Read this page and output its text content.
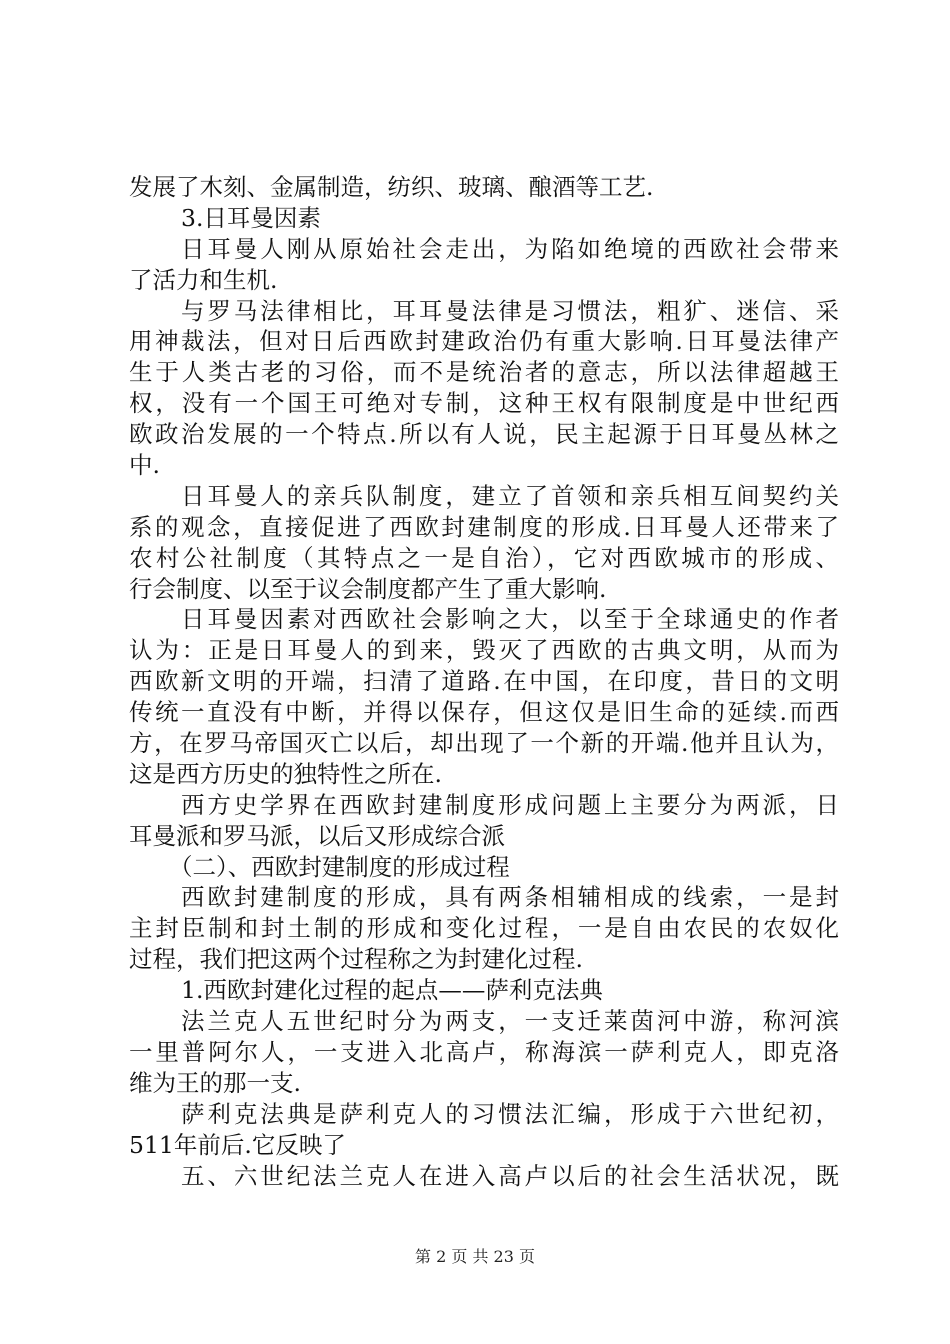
发展了木刻、金属制造，纺织、玻璃、酿酒等工艺.
3.日耳曼因素
日耳曼人刚从原始社会走出，为陷如绝境的西欧社会带来
了活力和生机.
与罗马法律相比，耳耳曼法律是习惯法，粗犷、迷信、采
用神裁法，但对日后西欧封建政治仍有重大影响.日耳曼法律产
生于人类古老的习俗，而不是统治者的意志，所以法律超越王
权，没有一个国王可绝对专制，这种王权有限制度是中世纪西
欧政治发展的一个特点.所以有人说，民主起源于日耳曼丛林之
中.
日耳曼人的亲兵队制度，建立了首领和亲兵相互间契约关
系的观念，直接促进了西欧封建制度的形成.日耳曼人还带来了
农村公社制度（其特点之一是自治），它对西欧城市的形成、
行会制度、以至于议会制度都产生了重大影响.
日耳曼因素对西欧社会影响之大，以至于全球通史的作者
认为：正是日耳曼人的到来，毁灭了西欧的古典文明，从而为
西欧新文明的开端，扫清了道路.在中国，在印度，昔日的文明
传统一直没有中断，并得以保存，但这仅是旧生命的延续.而西
方，在罗马帝国灭亡以后，却出现了一个新的开端.他并且认为，
这是西方历史的独特性之所在.
西方史学界在西欧封建制度形成问题上主要分为两派，日
耳曼派和罗马派，以后又形成综合派
（二）、西欧封建制度的形成过程
西欧封建制度的形成，具有两条相辅相成的线索，一是封
主封臣制和封土制的形成和变化过程，一是自由农民的农奴化
过程，我们把这两个过程称之为封建化过程.
1.西欧封建化过程的起点——萨利克法典
法兰克人五世纪时分为两支，一支迁莱茵河中游，称河滨
一里普阿尔人，一支进入北高卢，称海滨一萨利克人，即克洛
维为王的那一支.
萨利克法典是萨利克人的习惯法汇编，形成于六世纪初，
511年前后.它反映了
五、六世纪法兰克人在进入高卢以后的社会生活状况，既
第 2 页 共 23 页
